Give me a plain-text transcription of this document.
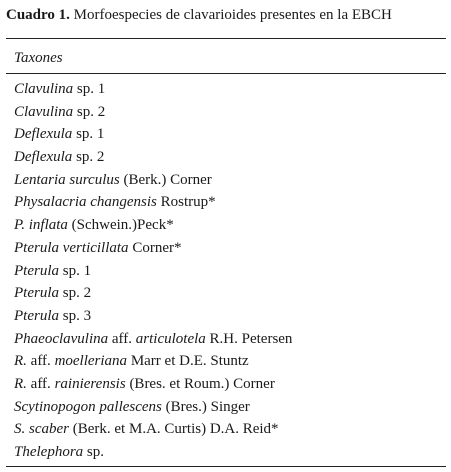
Cuadro 1. Morfoespecies de clavarioides presentes en la EBCH
Taxones
Clavulina sp. 1
Clavulina sp. 2
Deflexula sp. 1
Deflexula sp. 2
Lentaria surculus (Berk.) Corner
Physalacria changensis Rostrup*
P. inflata (Schwein.)Peck*
Pterula verticillata Corner*
Pterula sp. 1
Pterula sp. 2
Pterula sp. 3
Phaeoclavulina aff. articulotela R.H. Petersen
R. aff. moelleriana Marr et D.E. Stuntz
R. aff. rainierensis (Bres. et Roum.) Corner
Scytinopogon pallescens (Bres.) Singer
S. scaber (Berk. et M.A. Curtis) D.A. Reid*
Thelephora sp.
